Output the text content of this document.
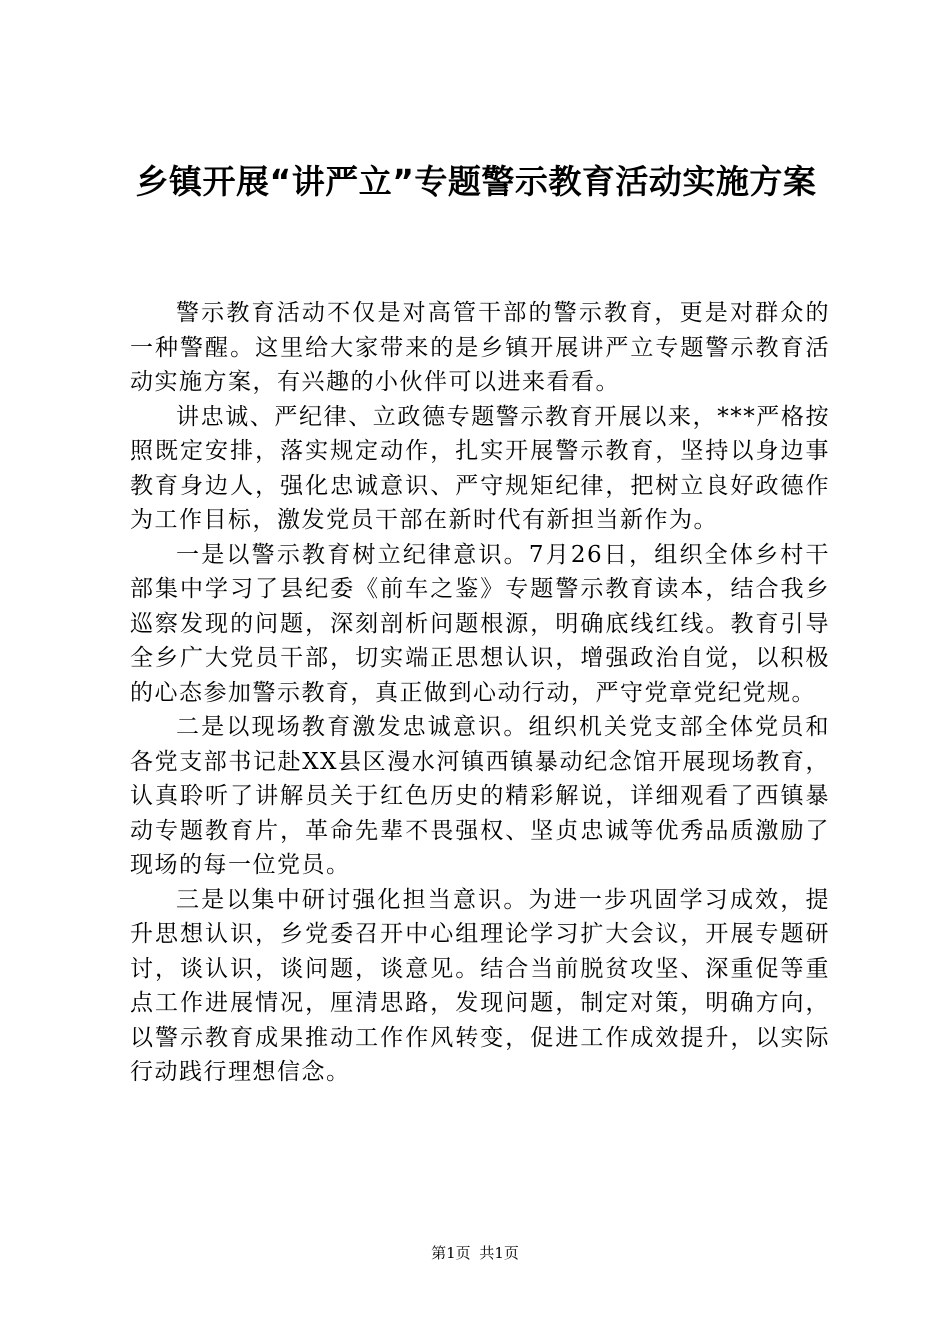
乡镇开展“讲严立”专题警示教育活动实施方案

警示教育活动不仅是对高管干部的警示教育，更是对群众的一种警醒。这里给大家带来的是乡镇开展讲严立专题警示教育活动实施方案，有兴趣的小伙伴可以进来看看。

讲忠诚、严纪律、立政德专题警示教育开展以来，***严格按照既定安排，落实规定动作，扎实开展警示教育，坚持以身边事教育身边人，强化忠诚意识、严守规矩纪律，把树立良好政德作为工作目标，激发党员干部在新时代有新担当新作为。

一是以警示教育树立纪律意识。7月26日，组织全体乡村干部集中学习了县纪委《前车之鉴》专题警示教育读本，结合我乡巡察发现的问题，深刻剖析问题根源，明确底线红线。教育引导全乡广大党员干部，切实端正思想认识，增强政治自觉，以积极的心态参加警示教育，真正做到心动行动，严守党章党纪党规。

二是以现场教育激发忠诚意识。组织机关党支部全体党员和各党支部书记赴XX县区漫水河镇西镇暴动纪念馆开展现场教育，认真聆听了讲解员关于红色历史的精彩解说，详细观看了西镇暴动专题教育片，革命先辈不畏强权、坚贞忠诚等优秀品质激励了现场的每一位党员。

三是以集中研讨强化担当意识。为进一步巩固学习成效，提升思想认识，乡党委召开中心组理论学习扩大会议，开展专题研讨，谈认识，谈问题，谈意见。结合当前脱贫攻坚、深重促等重点工作进展情况，厘清思路，发现问题，制定对策，明确方向，以警示教育成果推动工作作风转变，促进工作成效提升，以实际行动践行理想信念。

第1页 共1页
